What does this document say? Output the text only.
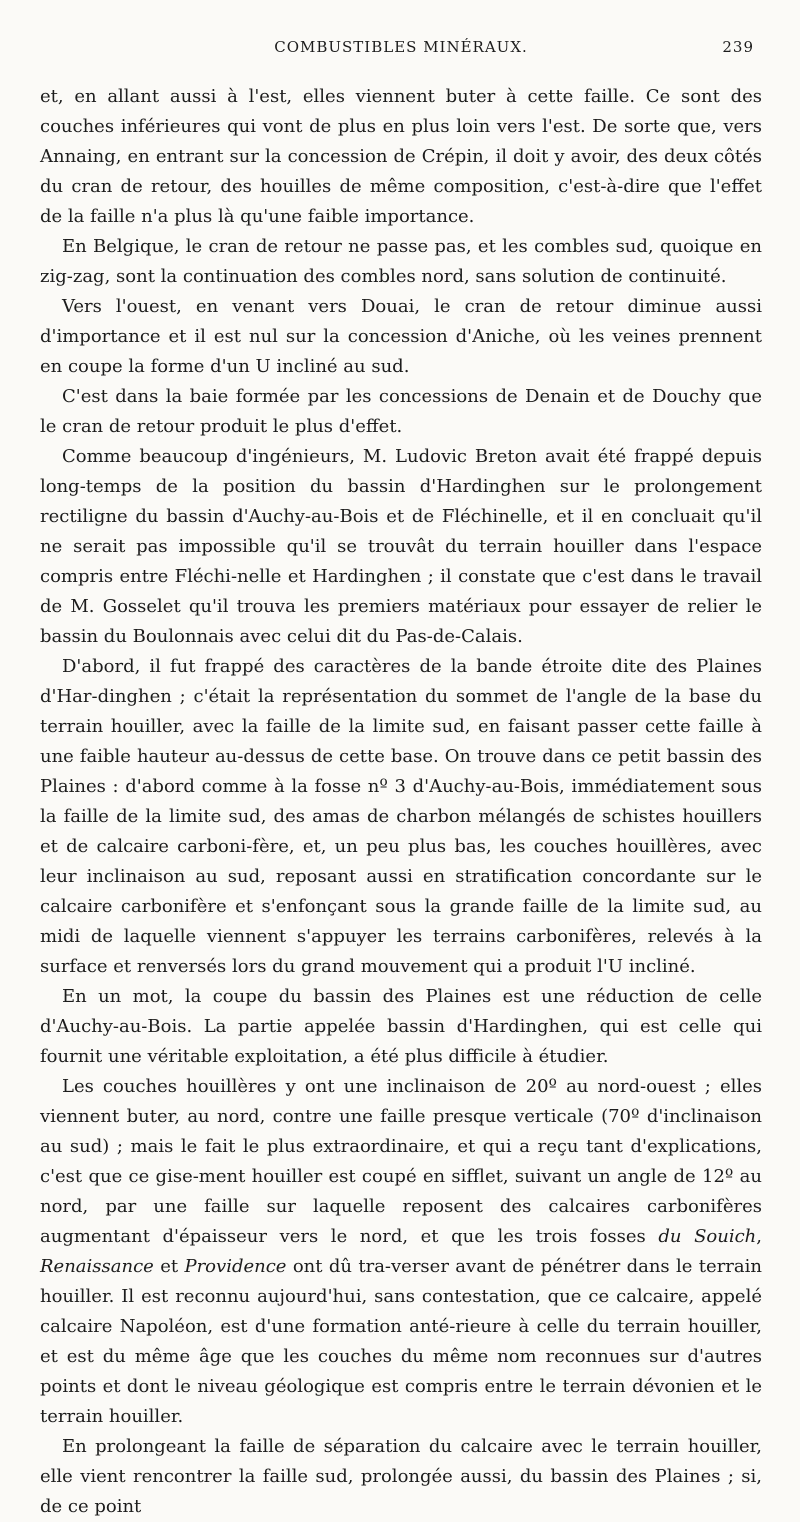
COMBUSTIBLES MINÉRAUX.	239

et, en allant aussi à l'est, elles viennent buter à cette faille. Ce sont des couches inférieures qui vont de plus en plus loin vers l'est. De sorte que, vers Annaing, en entrant sur la concession de Crépin, il doit y avoir, des deux côtés du cran de retour, des houilles de même composition, c'est-à-dire que l'effet de la faille n'a plus là qu'une faible importance.

En Belgique, le cran de retour ne passe pas, et les combles sud, quoique en zig-zag, sont la continuation des combles nord, sans solution de continuité.

Vers l'ouest, en venant vers Douai, le cran de retour diminue aussi d'importance et il est nul sur la concession d'Aniche, où les veines prennent en coupe la forme d'un U incliné au sud.

C'est dans la baie formée par les concessions de Denain et de Douchy que le cran de retour produit le plus d'effet.

Comme beaucoup d'ingénieurs, M. Ludovic Breton avait été frappé depuis long-temps de la position du bassin d'Hardinghen sur le prolongement rectiligne du bassin d'Auchy-au-Bois et de Fléchinelle, et il en concluait qu'il ne serait pas impossible qu'il se trouvât du terrain houiller dans l'espace compris entre Fléchi-nelle et Hardinghen ; il constate que c'est dans le travail de M. Gosselet qu'il trouva les premiers matériaux pour essayer de relier le bassin du Boulonnais avec celui dit du Pas-de-Calais.

D'abord, il fut frappé des caractères de la bande étroite dite des Plaines d'Har-dinghen ; c'était la représentation du sommet de l'angle de la base du terrain houiller, avec la faille de la limite sud, en faisant passer cette faille à une faible hauteur au-dessus de cette base. On trouve dans ce petit bassin des Plaines : d'abord comme à la fosse nº 3 d'Auchy-au-Bois, immédiatement sous la faille de la limite sud, des amas de charbon mélangés de schistes houillers et de calcaire carboni-fère, et, un peu plus bas, les couches houillères, avec leur inclinaison au sud, reposant aussi en stratification concordante sur le calcaire carbonifère et s'enfonçant sous la grande faille de la limite sud, au midi de laquelle viennent s'appuyer les terrains carbonifères, relevés à la surface et renversés lors du grand mouvement qui a produit l'U incliné.

En un mot, la coupe du bassin des Plaines est une réduction de celle d'Auchy-au-Bois. La partie appelée bassin d'Hardinghen, qui est celle qui fournit une véritable exploitation, a été plus difficile à étudier.

Les couches houillères y ont une inclinaison de 20º au nord-ouest ; elles viennent buter, au nord, contre une faille presque verticale (70º d'inclinaison au sud) ; mais le fait le plus extraordinaire, et qui a reçu tant d'explications, c'est que ce gise-ment houiller est coupé en sifflet, suivant un angle de 12º au nord, par une faille sur laquelle reposent des calcaires carbonifères augmentant d'épaisseur vers le nord, et que les trois fosses du Souich, Renaissance et Providence ont dû tra-verser avant de pénétrer dans le terrain houiller. Il est reconnu aujourd'hui, sans contestation, que ce calcaire, appelé calcaire Napoléon, est d'une formation anté-rieure à celle du terrain houiller, et est du même âge que les couches du même nom reconnues sur d'autres points et dont le niveau géologique est compris entre le terrain dévonien et le terrain houiller.

En prolongeant la faille de séparation du calcaire avec le terrain houiller, elle vient rencontrer la faille sud, prolongée aussi, du bassin des Plaines ; si, de ce point
